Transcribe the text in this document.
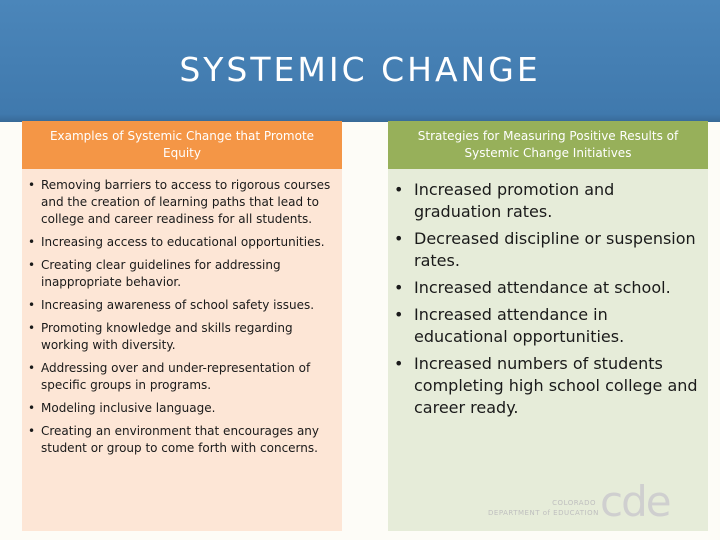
SYSTEMIC CHANGE
Examples of Systemic Change that Promote Equity
• Removing barriers to access to rigorous courses and the creation of learning paths that lead to college and career readiness for all students.
• Increasing access to educational opportunities.
• Creating clear guidelines for addressing inappropriate behavior.
• Increasing awareness of school safety issues.
• Promoting knowledge and skills regarding working with diversity.
• Addressing over and under-representation of specific groups in programs.
• Modeling inclusive language.
• Creating an environment that encourages any student or group to come forth with concerns.
Strategies for Measuring Positive Results of Systemic Change Initiatives
• Increased promotion and graduation rates.
• Decreased discipline or suspension rates.
• Increased attendance at school.
• Increased attendance in educational opportunities.
• Increased numbers of students completing high school college and career ready.
COLORADO
DEPARTMENT of EDUCATION cde
